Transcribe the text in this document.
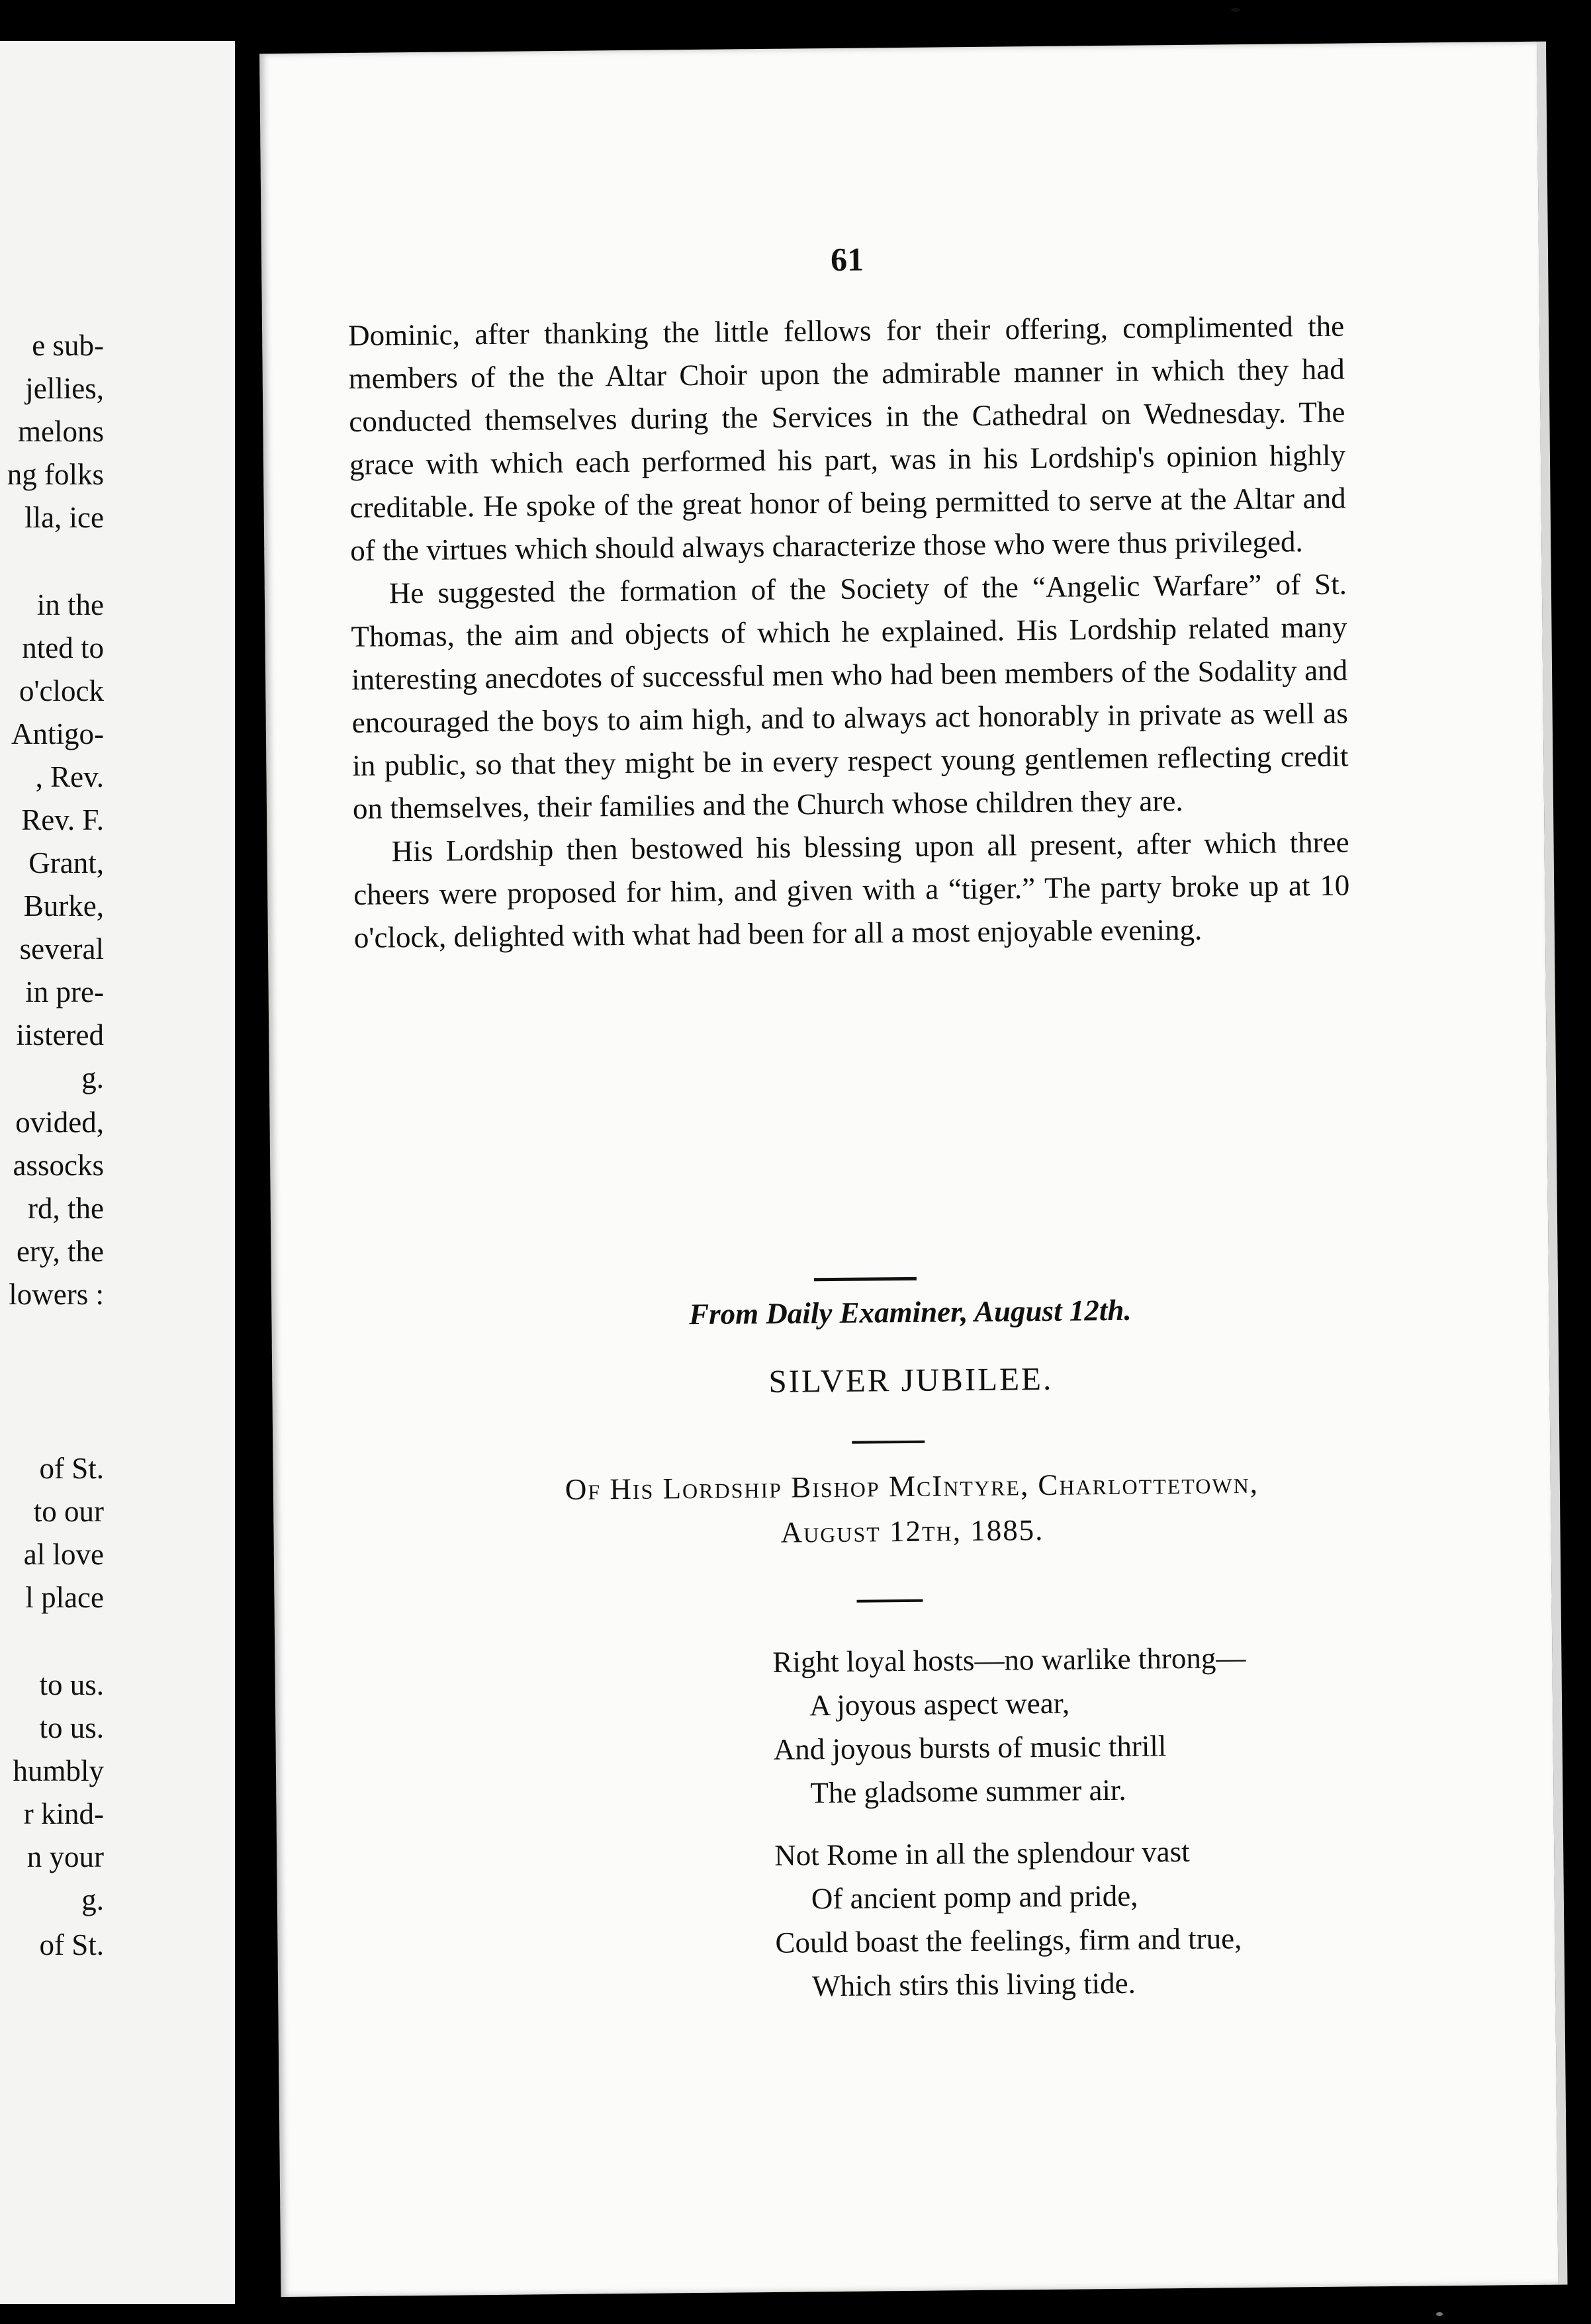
e sub-
jellies,
melons
ng folks
lla, ice
in the
nted to
o'clock
Antigo-
, Rev.
Rev. F.
Grant,
Burke,
several
in pre-
iistered
g.
ovided,
assocks
rd, the
ery, the
lowers :
of St.
to our
al love
l place
to us.
to us.
humbly
r kind-
n your
g.
of St.
61

Dominic, after thanking the little fellows for their offering, complimented the members of the the Altar Choir upon the admirable manner in which they had conducted themselves during the Services in the Cathedral on Wednesday. The grace with which each performed his part, was in his Lordship's opinion highly creditable. He spoke of the great honor of being permitted to serve at the Altar and of the virtues which should always characterize those who were thus privileged.

He suggested the formation of the Society of the “Angelic Warfare” of St. Thomas, the aim and objects of which he explained. His Lordship related many interesting anecdotes of successful men who had been members of the Sodality and encouraged the boys to aim high, and to always act honorably in private as well as in public, so that they might be in every respect young gentlemen reflecting credit on themselves, their families and the Church whose children they are.

His Lordship then bestowed his blessing upon all present, after which three cheers were proposed for him, and given with a “tiger.” The party broke up at 10 o'clock, delighted with what had been for all a most enjoyable evening.

From Daily Examiner, August 12th.
SILVER JUBILEE.
Of His Lordship Bishop McIntyre, Charlottetown,
August 12th, 1885.
Right loyal hosts—no warlike throng—
A joyous aspect wear,
And joyous bursts of music thrill
The gladsome summer air.
Not Rome in all the splendour vast
Of ancient pomp and pride,
Could boast the feelings, firm and true,
Which stirs this living tide.
